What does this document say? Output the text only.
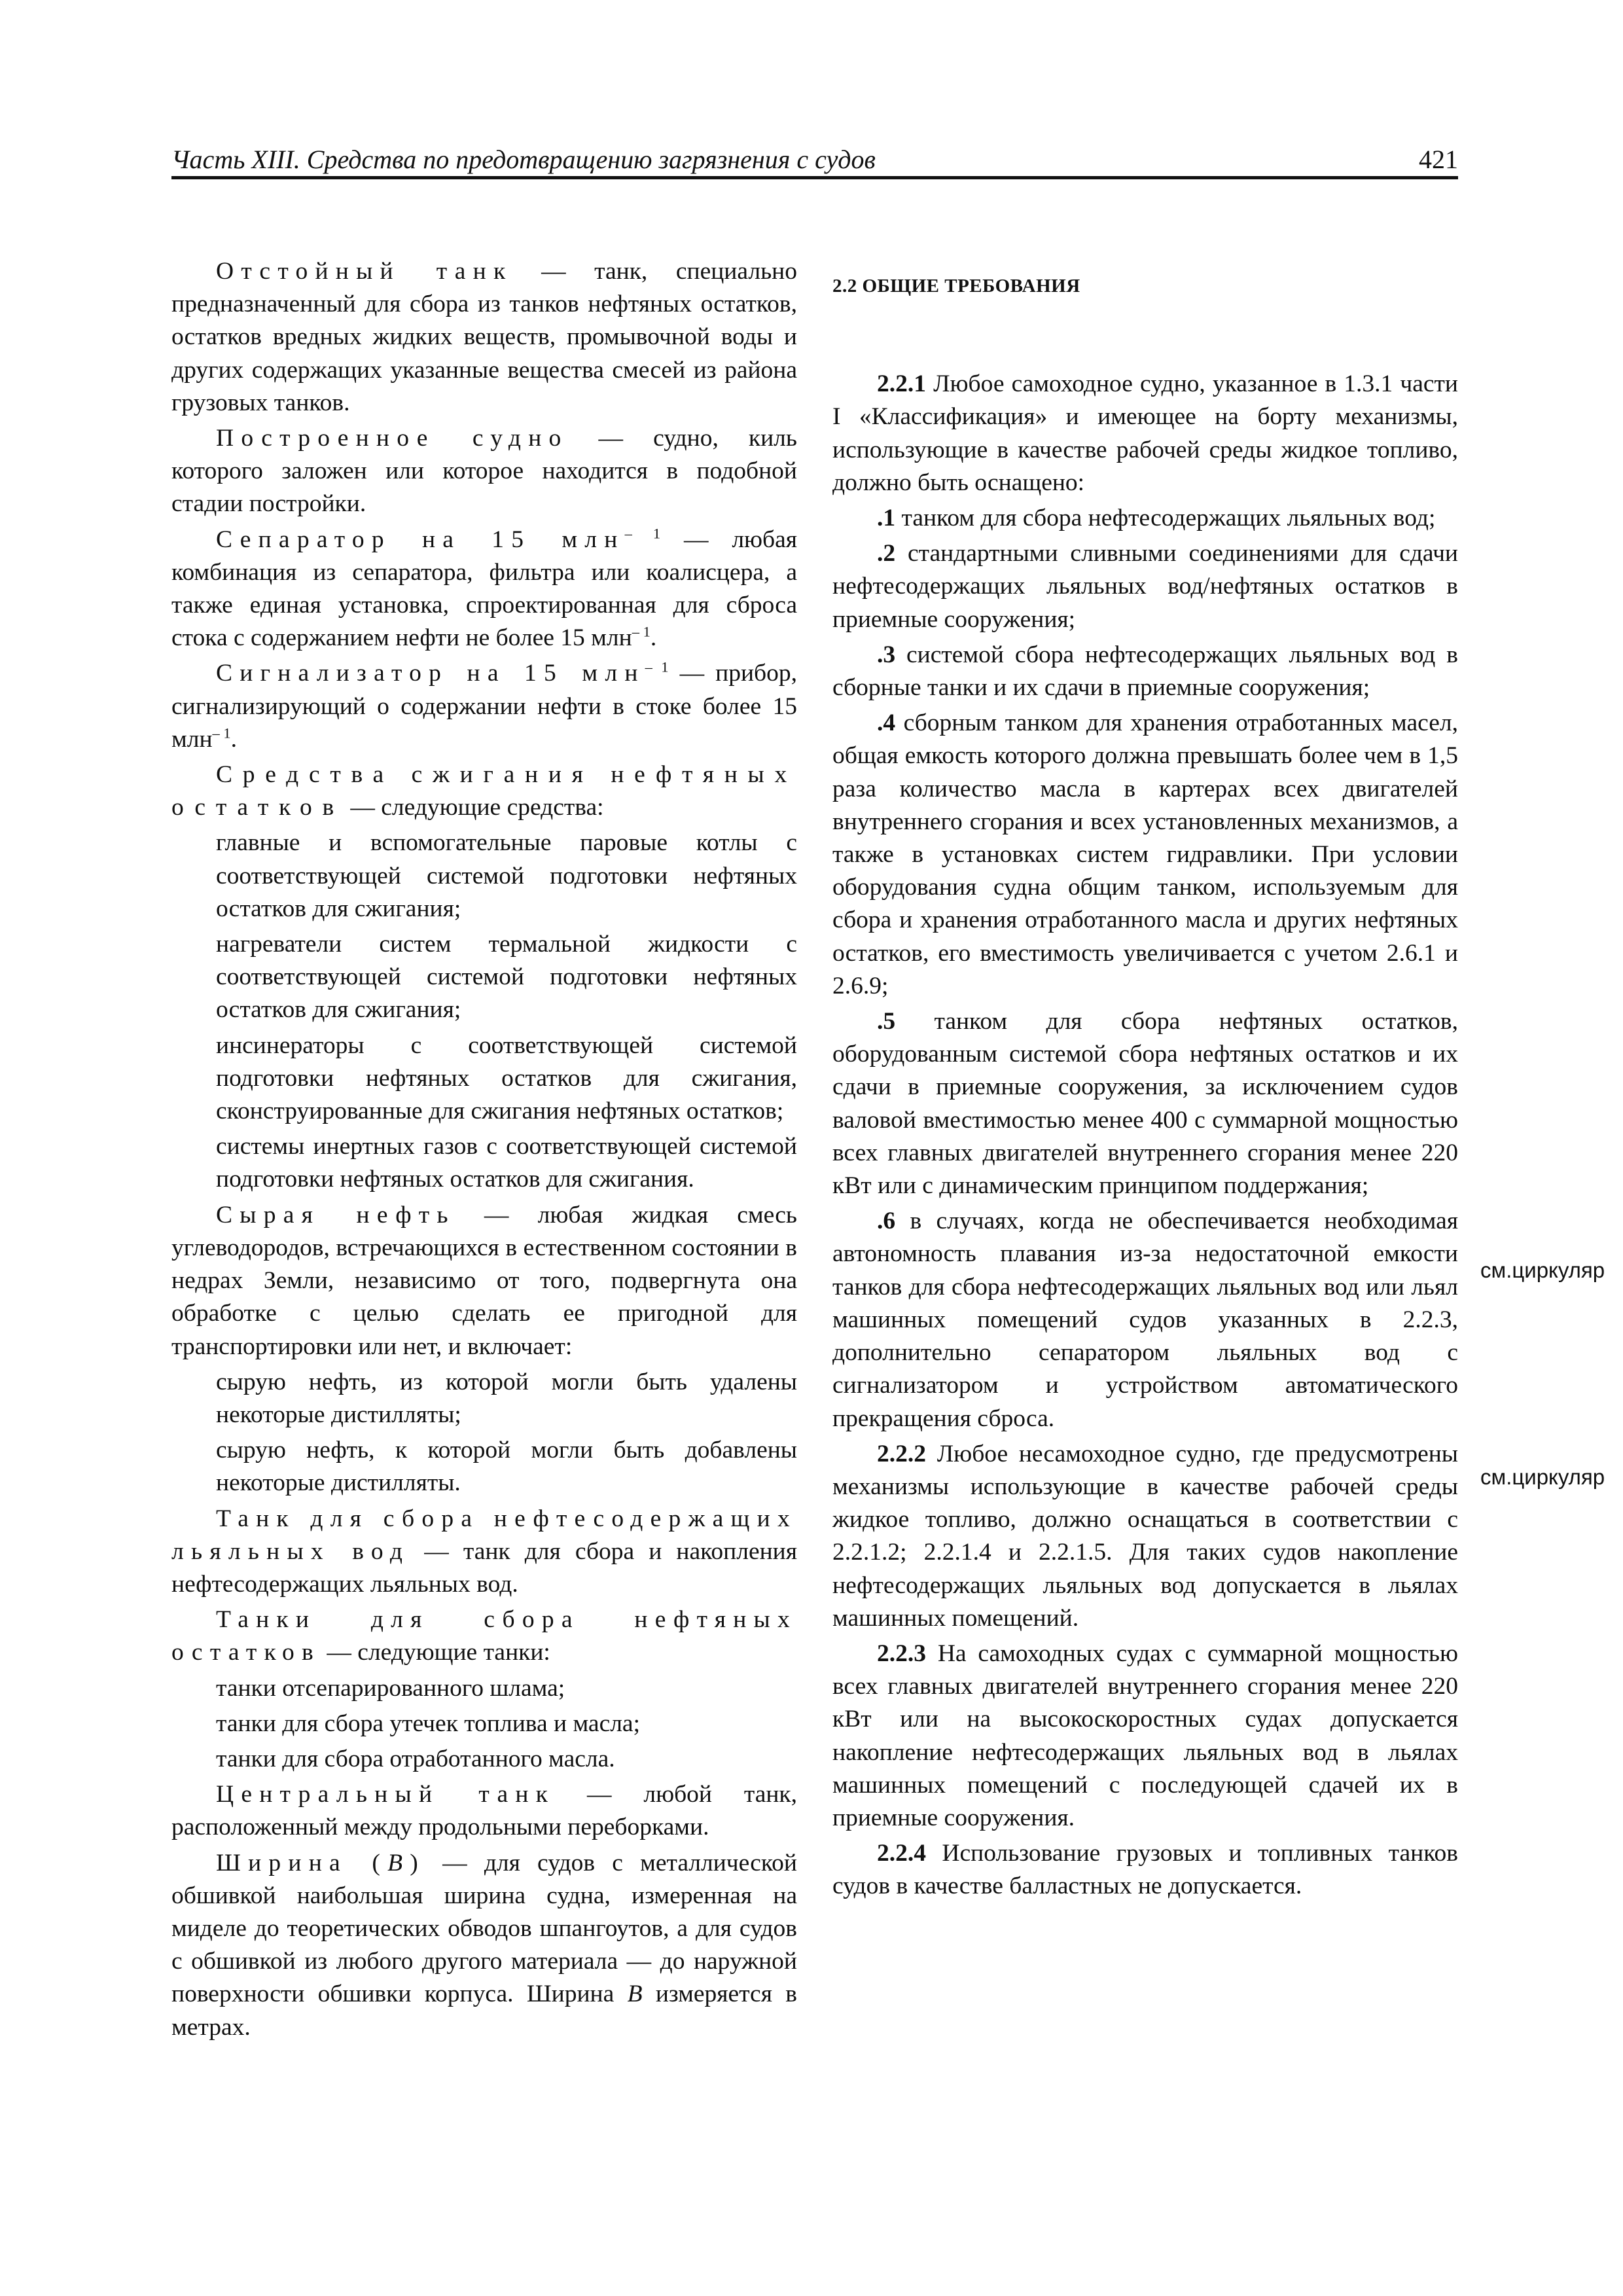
Часть XIII. Средства по предотвращению загрязнения с судов	421

Отстойный танк — танк, специально предназначенный для сбора из танков нефтяных остатков, остатков вредных жидких веществ, промывочной воды и других содержащих указанные вещества смесей из района грузовых танков.

Построенное судно — судно, киль которого заложен или которое находится в подобной стадии постройки.

Сепаратор на 15 млн$^{- 1}$ — любая комбинация из сепаратора, фильтра или коалисцера, а также единая установка, спроектированная для сброса стока с содержанием нефти не более 15 млн$^{- 1}$.

Сигнализатор на 15 млн$^{- 1}$ — прибор, сигнализирующий о содержании нефти в стоке более 15 млн$^{- 1}$.

Средства сжигания нефтяных остатков — следующие средства:

главные и вспомогательные паровые котлы с соответствующей системой подготовки нефтяных остатков для сжигания;

нагреватели систем термальной жидкости с соответствующей системой подготовки нефтяных остатков для сжигания;

инсинераторы с соответствующей системой подготовки нефтяных остатков для сжигания, сконструированные для сжигания нефтяных остатков;

системы инертных газов с соответствующей системой подготовки нефтяных остатков для сжигания.

Сырая нефть — любая жидкая смесь углеводородов, встречающихся в естественном состоянии в недрах Земли, независимо от того, подвергнута она обработке с целью сделать ее пригодной для транспортировки или нет, и включает:

сырую нефть, из которой могли быть удалены некоторые дистилляты;

сырую нефть, к которой могли быть добавлены некоторые дистилляты.

Танк для сбора нефтесодержащих льяльных вод — танк для сбора и накопления нефтесодержащих льяльных вод.

Танки для сбора нефтяных остатков — следующие танки:

танки отсепарированного шлама;

танки для сбора утечек топлива и масла;

танки для сбора отработанного масла.

Центральный танк — любой танк, расположенный между продольными переборками.

Ширина (B) — для судов с металлической обшивкой наибольшая ширина судна, измеренная на миделе до теоретических обводов шпангоутов, а для судов с обшивкой из любого другого материала — до наружной поверхности обшивки корпуса. Ширина B измеряется в метрах.

2.2 ОБЩИЕ ТРЕБОВАНИЯ

2.2.1 Любое самоходное судно, указанное в 1.3.1 части I «Классификация» и имеющее на борту механизмы, использующие в качестве рабочей среды жидкое топливо, должно быть оснащено:

.1 танком для сбора нефтесодержащих льяльных вод;

.2 стандартными сливными соединениями для сдачи нефтесодержащих льяльных вод/нефтяных остатков в приемные сооружения;

.3 системой сбора нефтесодержащих льяльных вод в сборные танки и их сдачи в приемные сооружения;

.4 сборным танком для хранения отработанных масел, общая емкость которого должна превышать более чем в 1,5 раза количество масла в картерах всех двигателей внутреннего сгорания и всех установленных механизмов, а также в установках систем гидравлики. При условии оборудования судна общим танком, используемым для сбора и хранения отработанного масла и других нефтяных остатков, его вместимость увеличивается с учетом 2.6.1 и 2.6.9;

.5 танком для сбора нефтяных остатков, оборудованным системой сбора нефтяных остатков и их сдачи в приемные сооружения, за исключением судов валовой вместимостью менее 400 с суммарной мощностью всех главных двигателей внутреннего сгорания менее 220 кВт или с динамическим принципом поддержания;

.6 в случаях, когда не обеспечивается необходимая автономность плавания из-за недостаточной емкости танков для сбора нефтесодержащих льяльных вод или льял машинных помещений судов указанных в 2.2.3, дополнительно сепаратором льяльных вод с сигнализатором и устройством автоматического прекращения сброса.

2.2.2 Любое несамоходное судно, где предусмотрены механизмы использующие в качестве рабочей среды жидкое топливо, должно оснащаться в соответствии с 2.2.1.2; 2.2.1.4 и 2.2.1.5. Для таких судов накопление нефтесодержащих льяльных вод допускается в льялах машинных помещений.

2.2.3 На самоходных судах с суммарной мощностью всех главных двигателей внутреннего сгорания менее 220 кВт или на высокоскоростных судах допускается накопление нефтесодержащих льяльных вод в льялах машинных помещений с последующей сдачей их в приемные сооружения.

2.2.4 Использование грузовых и топливных танков судов в качестве балластных не допускается.

см.циркуляр
см.циркуляр
